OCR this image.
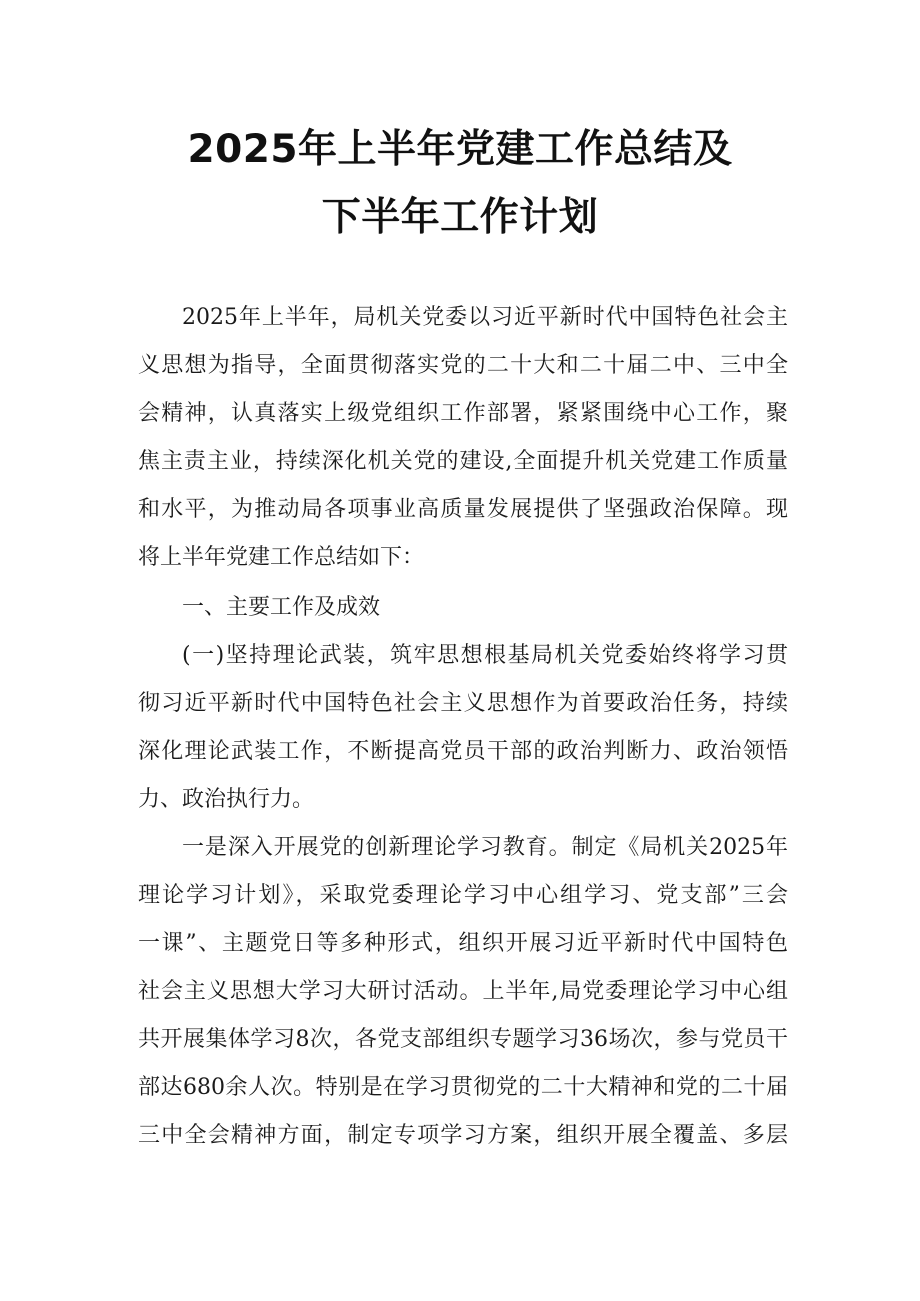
2025年上半年党建工作总结及
下半年工作计划
2025年上半年，局机关党委以习近平新时代中国特色社会主
义思想为指导，全面贯彻落实党的二十大和二十届二中、三中全
会精神，认真落实上级党组织工作部署，紧紧围绕中心工作，聚
焦主责主业，持续深化机关党的建设,全面提升机关党建工作质量
和水平，为推动局各项事业高质量发展提供了坚强政治保障。现
将上半年党建工作总结如下：
一、主要工作及成效
(一)坚持理论武装，筑牢思想根基局机关党委始终将学习贯
彻习近平新时代中国特色社会主义思想作为首要政治任务，持续
深化理论武装工作，不断提高党员干部的政治判断力、政治领悟
力、政治执行力。
一是深入开展党的创新理论学习教育。制定《局机关2025年
理论学习计划》，采取党委理论学习中心组学习、党支部”三会
一课”、主题党日等多种形式，组织开展习近平新时代中国特色
社会主义思想大学习大研讨活动。上半年,局党委理论学习中心组
共开展集体学习8次，各党支部组织专题学习36场次，参与党员干
部达680余人次。特别是在学习贯彻党的二十大精神和党的二十届
三中全会精神方面，制定专项学习方案，组织开展全覆盖、多层
